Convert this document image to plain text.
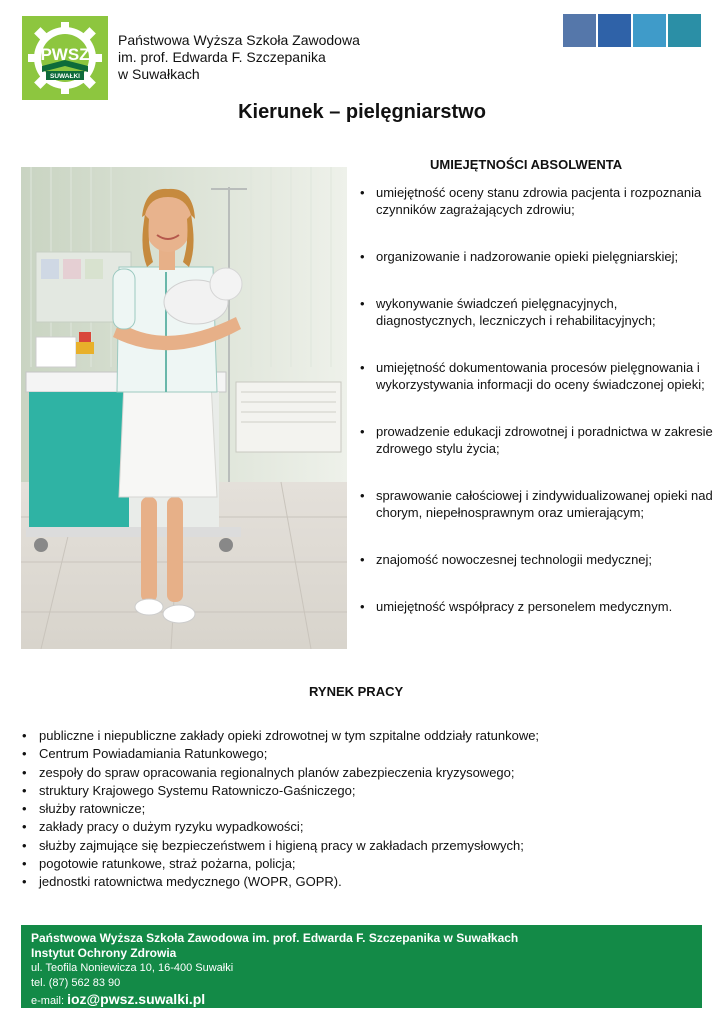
PWSZ
SUWAŁKI
Państwowa Wyższa Szkoła Zawodowa
im. prof. Edwarda F. Szczepanika
w Suwałkach
Kierunek – pielęgniarstwo
UMIEJĘTNOŚCI ABSOLWENTA
• umiejętność oceny stanu zdrowia pacjenta i rozpoznania czynników zagrażających zdrowiu;
• organizowanie i nadzorowanie opieki pielęgniarskiej;
• wykonywanie świadczeń pielęgnacyjnych, diagnostycznych, leczniczych i rehabilitacyjnych;
• umiejętność dokumentowania procesów pielęgnowania i wykorzystywania informacji do oceny świadczonej opieki;
• prowadzenie edukacji zdrowotnej i poradnictwa w zakresie zdrowego stylu życia;
• sprawowanie całościowej i zindywidualizowanej opieki nad chorym, niepełnosprawnym oraz umierającym;
• znajomość nowoczesnej technologii medycznej;
• umiejętność współpracy z personelem medycznym.
RYNEK PRACY
• publiczne i niepubliczne zakłady opieki zdrowotnej w tym szpitalne oddziały ratunkowe;
• Centrum Powiadamiania Ratunkowego;
• zespoły do spraw opracowania regionalnych planów zabezpieczenia kryzysowego;
• struktury Krajowego Systemu Ratowniczo-Gaśniczego;
• służby ratownicze;
• zakłady pracy o dużym ryzyku wypadkowości;
• służby zajmujące się bezpieczeństwem i higieną pracy w zakładach przemysłowych;
• pogotowie ratunkowe, straż pożarna, policja;
• jednostki ratownictwa medycznego (WOPR, GOPR).
Państwowa Wyższa Szkoła Zawodowa im. prof. Edwarda F. Szczepanika w Suwałkach
Instytut Ochrony Zdrowia
ul. Teofila Noniewicza 10, 16-400 Suwałki
tel. (87) 562 83 90
e-mail: ioz@pwsz.suwalki.pl
